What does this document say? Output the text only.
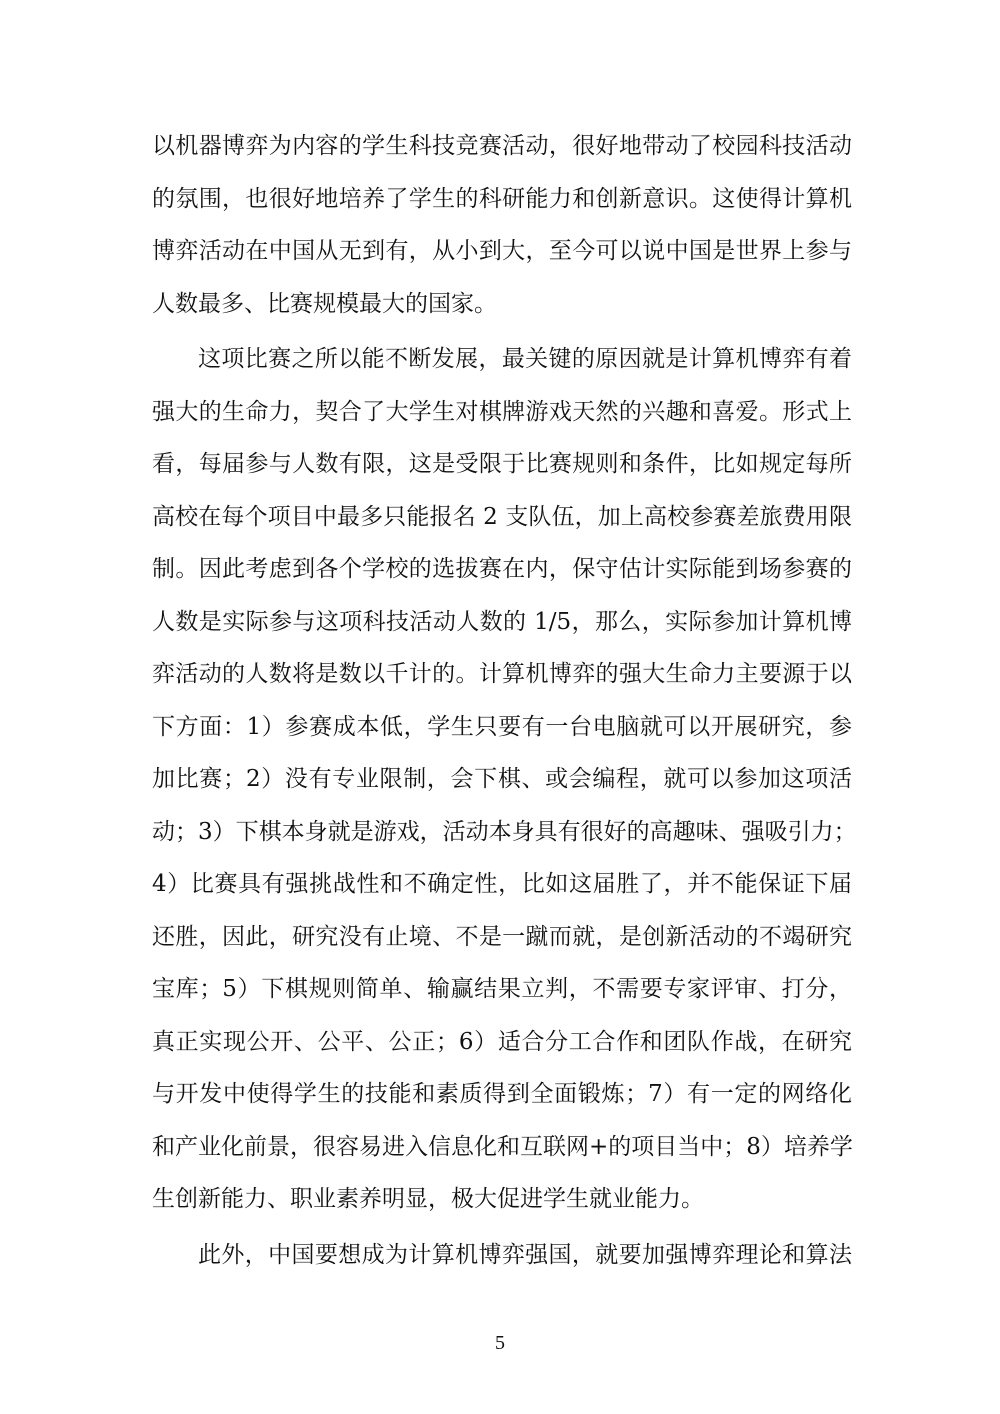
以机器博弈为内容的学生科技竞赛活动，很好地带动了校园科技活动
的氛围，也很好地培养了学生的科研能力和创新意识。这使得计算机
博弈活动在中国从无到有，从小到大，至今可以说中国是世界上参与
人数最多、比赛规模最大的国家。
这项比赛之所以能不断发展，最关键的原因就是计算机博弈有着
强大的生命力，契合了大学生对棋牌游戏天然的兴趣和喜爱。形式上
看，每届参与人数有限，这是受限于比赛规则和条件，比如规定每所
高校在每个项目中最多只能报名 2 支队伍，加上高校参赛差旅费用限
制。因此考虑到各个学校的选拔赛在内，保守估计实际能到场参赛的
人数是实际参与这项科技活动人数的 1/5，那么，实际参加计算机博
弈活动的人数将是数以千计的。计算机博弈的强大生命力主要源于以
下方面：1）参赛成本低，学生只要有一台电脑就可以开展研究，参
加比赛；2）没有专业限制，会下棋、或会编程，就可以参加这项活
动；3）下棋本身就是游戏，活动本身具有很好的高趣味、强吸引力；
4）比赛具有强挑战性和不确定性，比如这届胜了，并不能保证下届
还胜，因此，研究没有止境、不是一蹴而就，是创新活动的不竭研究
宝库；5）下棋规则简单、输赢结果立判，不需要专家评审、打分，
真正实现公开、公平、公正；6）适合分工合作和团队作战，在研究
与开发中使得学生的技能和素质得到全面锻炼；7）有一定的网络化
和产业化前景，很容易进入信息化和互联网+的项目当中；8）培养学
生创新能力、职业素养明显，极大促进学生就业能力。
此外，中国要想成为计算机博弈强国，就要加强博弈理论和算法
5
